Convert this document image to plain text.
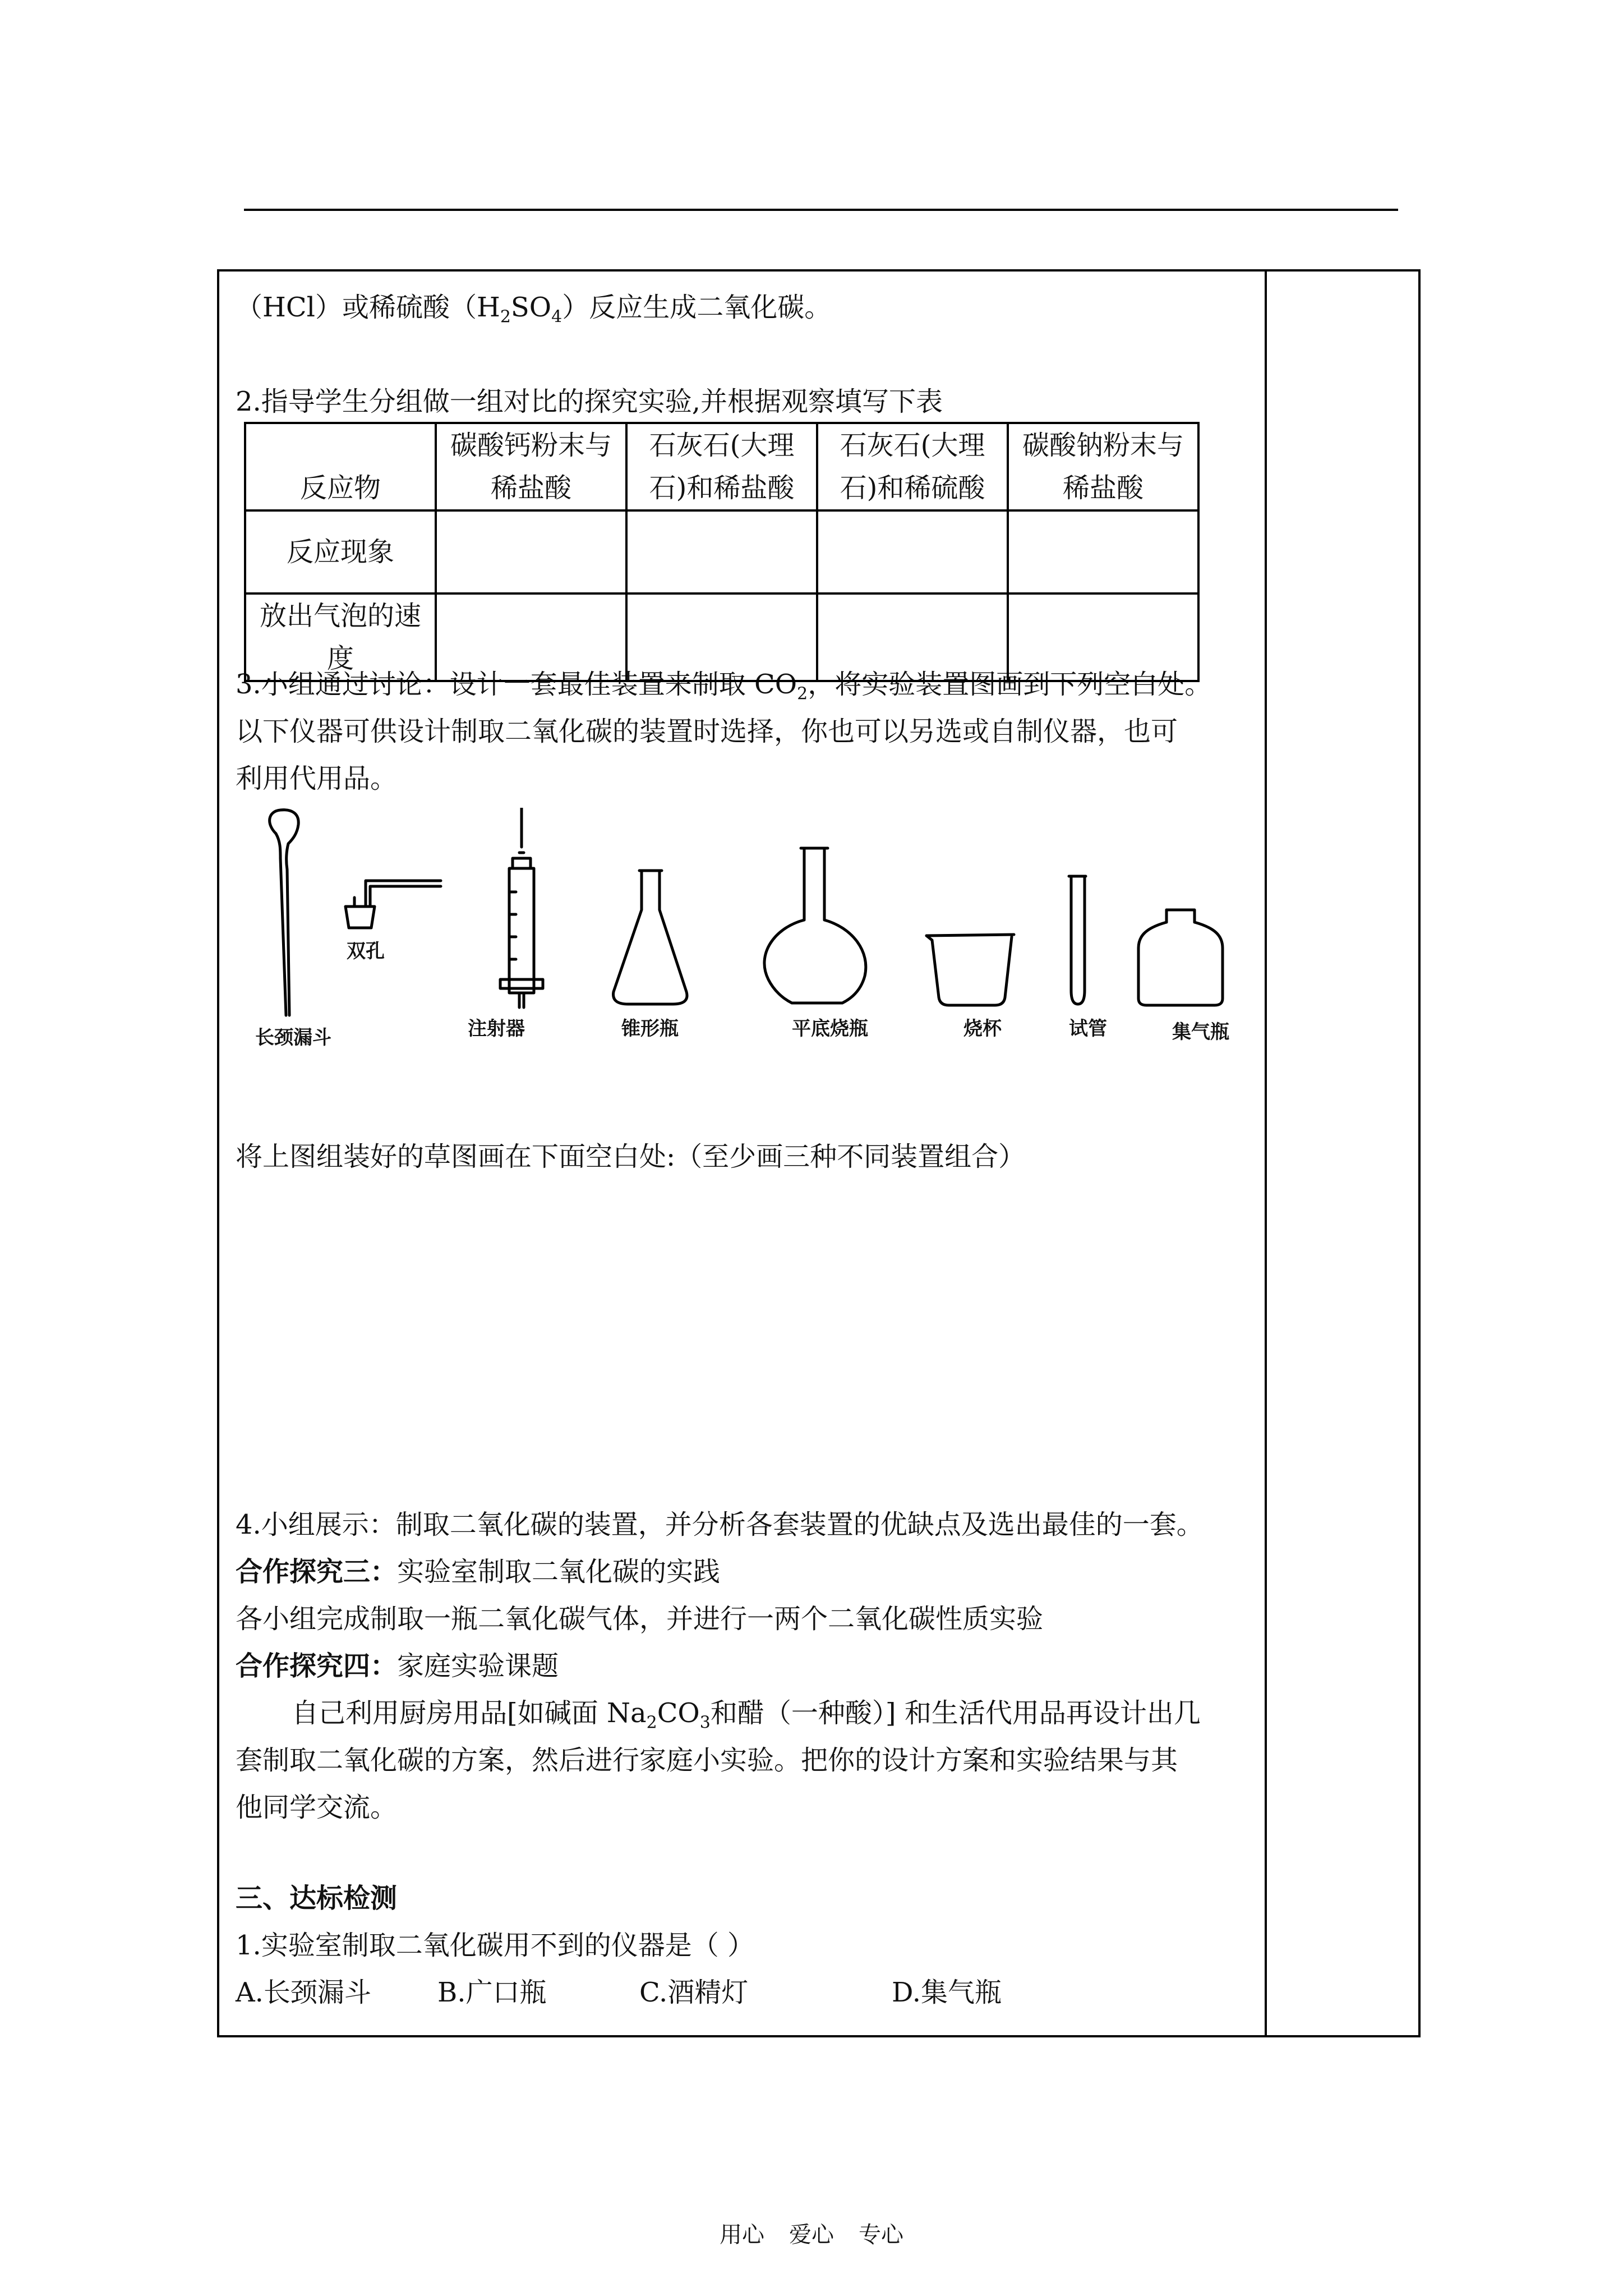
（HCl）或稀硫酸$(H_2SO_4)$反应生成二氧化碳。
2.指导学生分组做一组对比的探究实验,并根据观察填写下表
3.小组通过讨论：设计一套最佳装置来制取 $CO_2$，将实验装置图画到下列空白处。
以下仪器可供设计制取二氧化碳的装置时选择，你也可以另选或自制仪器，也可
利用代用品。
将上图组装好的草图画在下面空白处:（至少画三种不同装置组合）
4.小组展示：制取二氧化碳的装置，并分析各套装置的优缺点及选出最佳的一套。
合作探究三：实验室制取二氧化碳的实践
各小组完成制取一瓶二氧化碳气体，并进行一两个二氧化碳性质实验
合作探究四：家庭实验课题
自己利用厨房用品[如碱面 $Na_2CO_3$和醋（一种酸）] 和生活代用品再设计出几
套制取二氧化碳的方案，然后进行家庭小实验。把你的设计方案和实验结果与其
他同学交流。
三、达标检测
1.实验室制取二氧化碳用不到的仪器是（ ）
A.长颈漏斗 B.广口瓶	C.酒精灯	D.集气瓶
反应物	碳酸钙粉末与稀盐酸	石灰石(大理石)和稀盐酸	石灰石(大理石)和稀硫酸	碳酸钠粉末与稀盐酸
反应现象				
放出气泡的速度				
长颈漏斗
双孔
注射器	锥形瓶	平底烧瓶	烧杯	试管	集气瓶
用心 爱心 专心
